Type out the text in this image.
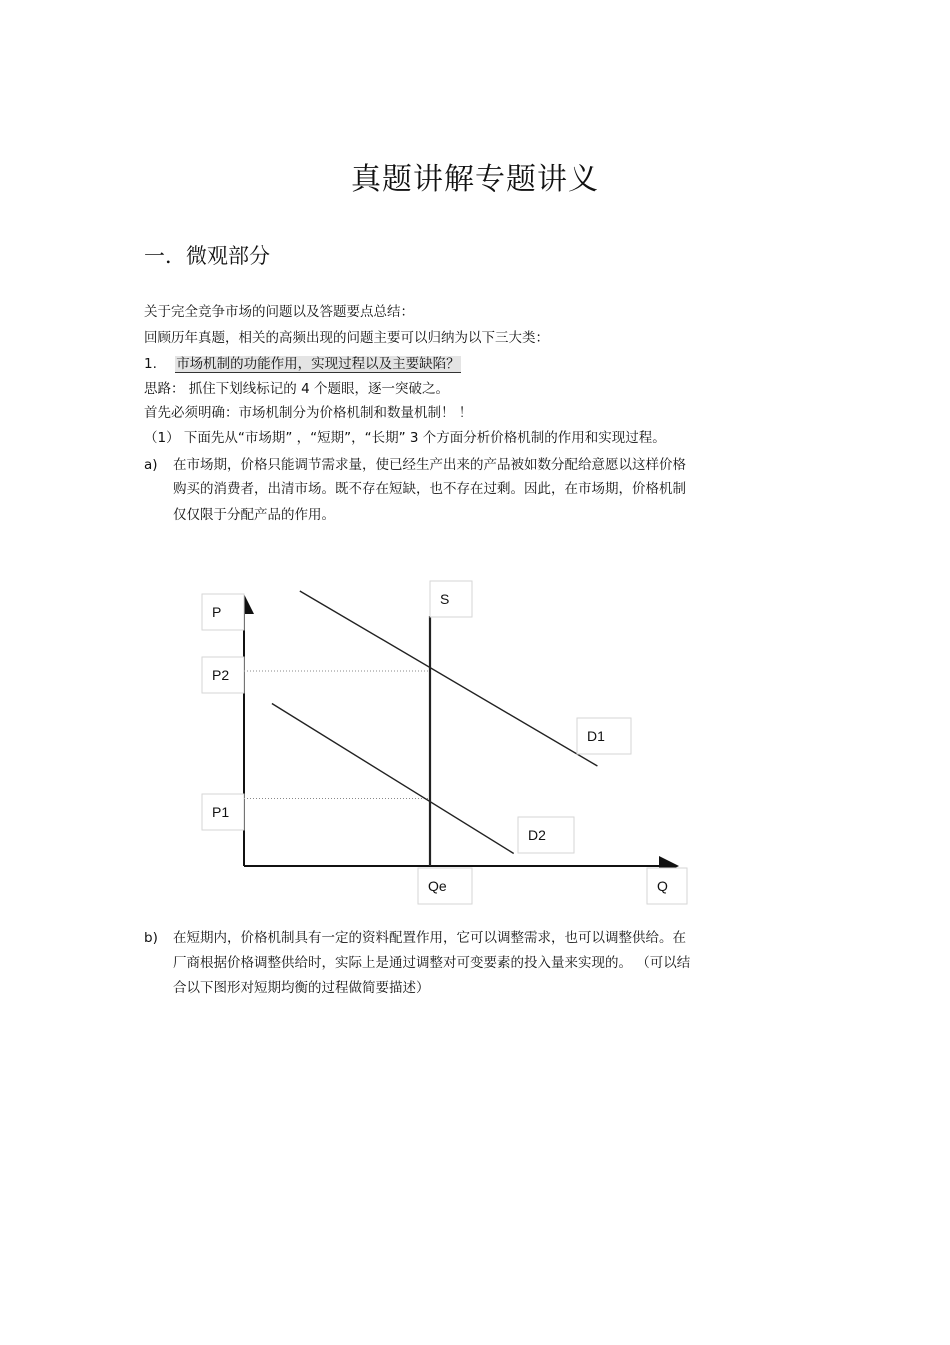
真题讲解专题讲义
一．微观部分
关于完全竞争市场的问题以及答题要点总结：
回顾历年真题，相关的高频出现的问题主要可以归纳为以下三大类：
1. 市场机制的功能作用，实现过程以及主要缺陷？
思路： 抓住下划线标记的 4 个题眼，逐一突破之。
首先必须明确：市场机制分为价格机制和数量机制！ ！
（1） 下面先从“市场期” ，“短期”，“长期” 3 个方面分析价格机制的作用和实现过程。
a) 在市场期，价格只能调节需求量，使已经生产出来的产品被如数分配给意愿以这样价格
购买的消费者，出清市场。既不存在短缺，也不存在过剩。因此，在市场期，价格机制
仅仅限于分配产品的作用。
P
P2
P1
S
D1
D2
Qe	Q
b) 在短期内，价格机制具有一定的资料配置作用，它可以调整需求，也可以调整供给。在
厂商根据价格调整供给时，实际上是通过调整对可变要素的投入量来实现的。 （可以结
合以下图形对短期均衡的过程做简要描述）
